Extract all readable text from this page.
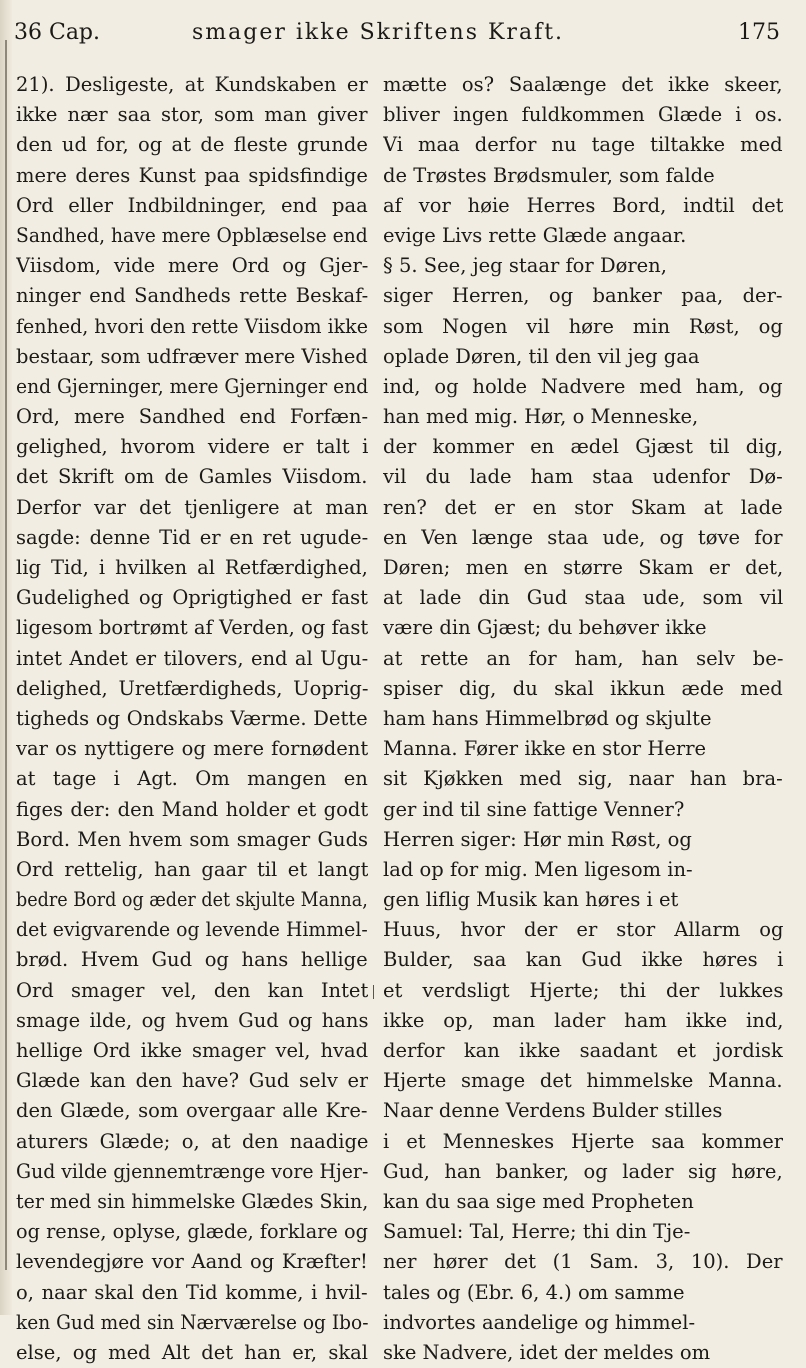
36 Cap.	smager ikke Skriftens Kraft.	175
21). Desligeste, at Kundskaben er
ikke nær saa stor, som man giver
den ud for, og at de fleste grunde
mere deres Kunst paa spidsfindige
Ord eller Indbildninger, end paa
Sandhed, have mere Opblæselse end
Viisdom, vide mere Ord og Gjer-
ninger end Sandheds rette Beskaf-
fenhed, hvori den rette Viisdom ikke
bestaar, som udfræver mere Vished
end Gjerninger, mere Gjerninger end
Ord, mere Sandhed end Forfæn-
gelighed, hvorom videre er talt i
det Skrift om de Gamles Viisdom.
Derfor var det tjenligere at man
sagde: denne Tid er en ret ugude-
lig Tid, i hvilken al Retfærdighed,
Gudelighed og Oprigtighed er fast
ligesom bortrømt af Verden, og fast
intet Andet er tilovers, end al Ugu-
delighed, Uretfærdigheds, Uoprig-
tigheds og Ondskabs Værme. Dette
var os nyttigere og mere fornødent
at tage i Agt. Om mangen en
figes der: den Mand holder et godt
Bord. Men hvem som smager Guds
Ord rettelig, han gaar til et langt
bedre Bord og æder det skjulte Manna,
det evigvarende og levende Himmel-
brød. Hvem Gud og hans hellige
Ord smager vel, den kan Intet
smage ilde, og hvem Gud og hans
hellige Ord ikke smager vel, hvad
Glæde kan den have? Gud selv er
den Glæde, som overgaar alle Kre-
aturers Glæde; o, at den naadige
Gud vilde gjennemtrænge vore Hjer-
ter med sin himmelske Glædes Skin,
og rense, oplyse, glæde, forklare og
levendegjøre vor Aand og Kræfter!
o, naar skal den Tid komme, i hvil-
ken Gud med sin Nærværelse og Ibo-
else, og med Alt det han er, skal
mætte os? Saalænge det ikke skeer,
bliver ingen fuldkommen Glæde i os.
Vi maa derfor nu tage tiltakke med
de Trøstes Brødsmuler, som falde
af vor høie Herres Bord, indtil det
evige Livs rette Glæde angaar.
§ 5. See, jeg staar for Døren,
siger Herren, og banker paa, der-
som Nogen vil høre min Røst, og
oplade Døren, til den vil jeg gaa
ind, og holde Nadvere med ham, og
han med mig. Hør, o Menneske,
der kommer en ædel Gjæst til dig,
vil du lade ham staa udenfor Dø-
ren? det er en stor Skam at lade
en Ven længe staa ude, og tøve for
Døren; men en større Skam er det,
at lade din Gud staa ude, som vil
være din Gjæst; du behøver ikke
at rette an for ham, han selv be-
spiser dig, du skal ikkun æde med
ham hans Himmelbrød og skjulte
Manna. Fører ikke en stor Herre
sit Kjøkken med sig, naar han bra-
ger ind til sine fattige Venner?
Herren siger: Hør min Røst, og
lad op for mig. Men ligesom in-
gen liflig Musik kan høres i et
Huus, hvor der er stor Allarm og
Bulder, saa kan Gud ikke høres i
et verdsligt Hjerte; thi der lukkes
ikke op, man lader ham ikke ind,
derfor kan ikke saadant et jordisk
Hjerte smage det himmelske Manna.
Naar denne Verdens Bulder stilles
i et Menneskes Hjerte saa kommer
Gud, han banker, og lader sig høre,
kan du saa sige med Propheten
Samuel: Tal, Herre; thi din Tje-
ner hører det (1 Sam. 3, 10). Der
tales og (Ebr. 6, 4.) om samme
indvortes aandelige og himmel-
ske Nadvere, idet der meldes om
